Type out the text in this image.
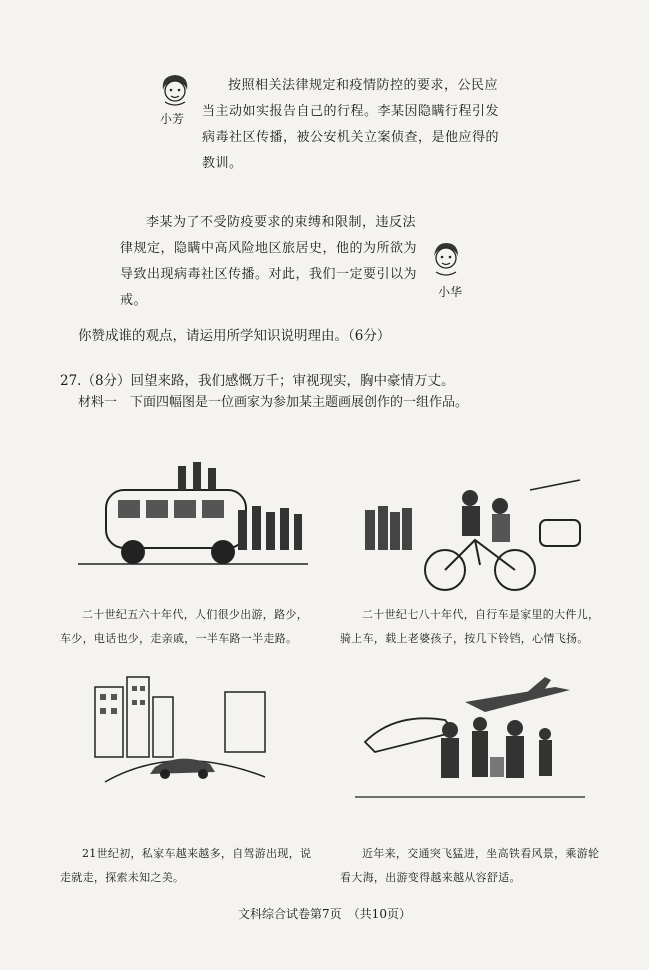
小芳
按照相关法律规定和疫情防控的要求，公民应当主动如实报告自己的行程。李某因隐瞒行程引发病毒社区传播，被公安机关立案侦查，是他应得的教训。
李某为了不受防疫要求的束缚和限制，违反法律规定，隐瞒中高风险地区旅居史，他的为所欲为导致出现病毒社区传播。对此，我们一定要引以为戒。
小华
你赞成谁的观点，请运用所学知识说明理由。（6分）
27.（8分）回望来路，我们感慨万千；审视现实，胸中豪情万丈。
材料一　下面四幅图是一位画家为参加某主题画展创作的一组作品。
二十世纪五六十年代，人们很少出游，路少，车少，电话也少，走亲戚，一半车路一半走路。
二十世纪七八十年代，自行车是家里的大件儿，骑上车，载上老婆孩子，按几下铃铛，心情飞扬。
21世纪初，私家车越来越多，自驾游出现，说走就走，探索未知之美。
近年来，交通突飞猛进，坐高铁看风景，乘游轮看大海，出游变得越来越从容舒适。
文科综合试卷第7页　（共10页）
